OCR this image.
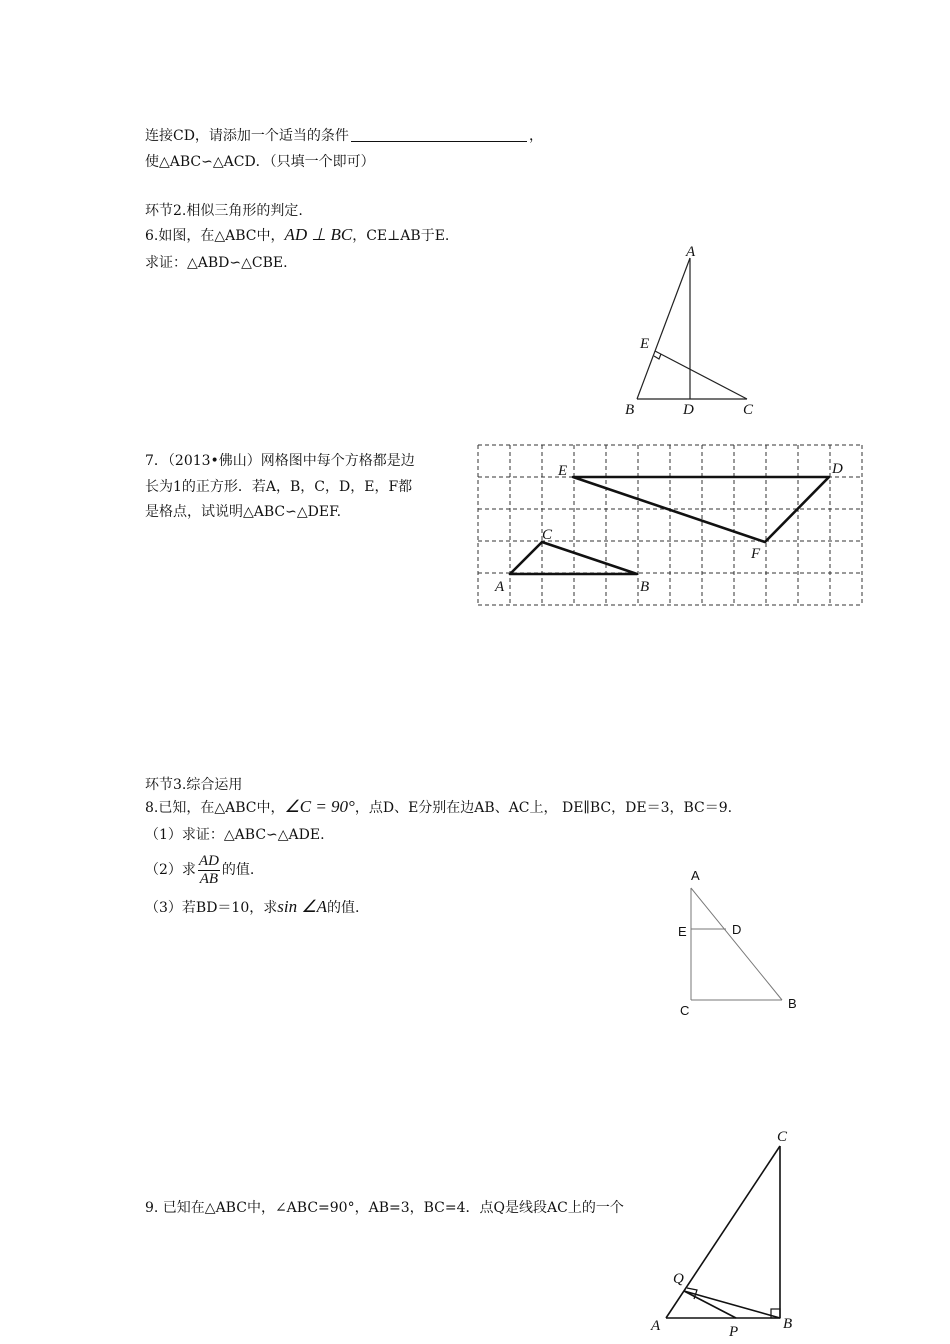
连接CD，请添加一个适当的条件	，
使△ABC∽△ACD．（只填一个即可）
环节2.相似三角形的判定.
6.如图，在△ABC中，AD ⊥ BC，CE⊥AB于E.
求证：△ABD∽△CBE.
A
E
B	D	C
7．（2013•佛山）网格图中每个方格都是边
长为1的正方形．若A，B，C，D，E，F都
是格点，试说明△ABC∽△DEF.
E	D
C
F
A	B
环节3.综合运用
8.已知，在△ABC中，∠C = 90°，点D、E分别在边AB、AC上， DE∥BC，DE＝3，BC＝9.
（1）求证：△ABC∽△ADE.
（2）求 $\frac{AD}{AB}$ 的值.
（3）若BD＝10，求sin ∠A的值.
A
E	D
C	B
9. 已知在△ABC中，∠ABC=90°，AB=3，BC=4．点Q是线段AC上的一个
C
Q
A	P	B
